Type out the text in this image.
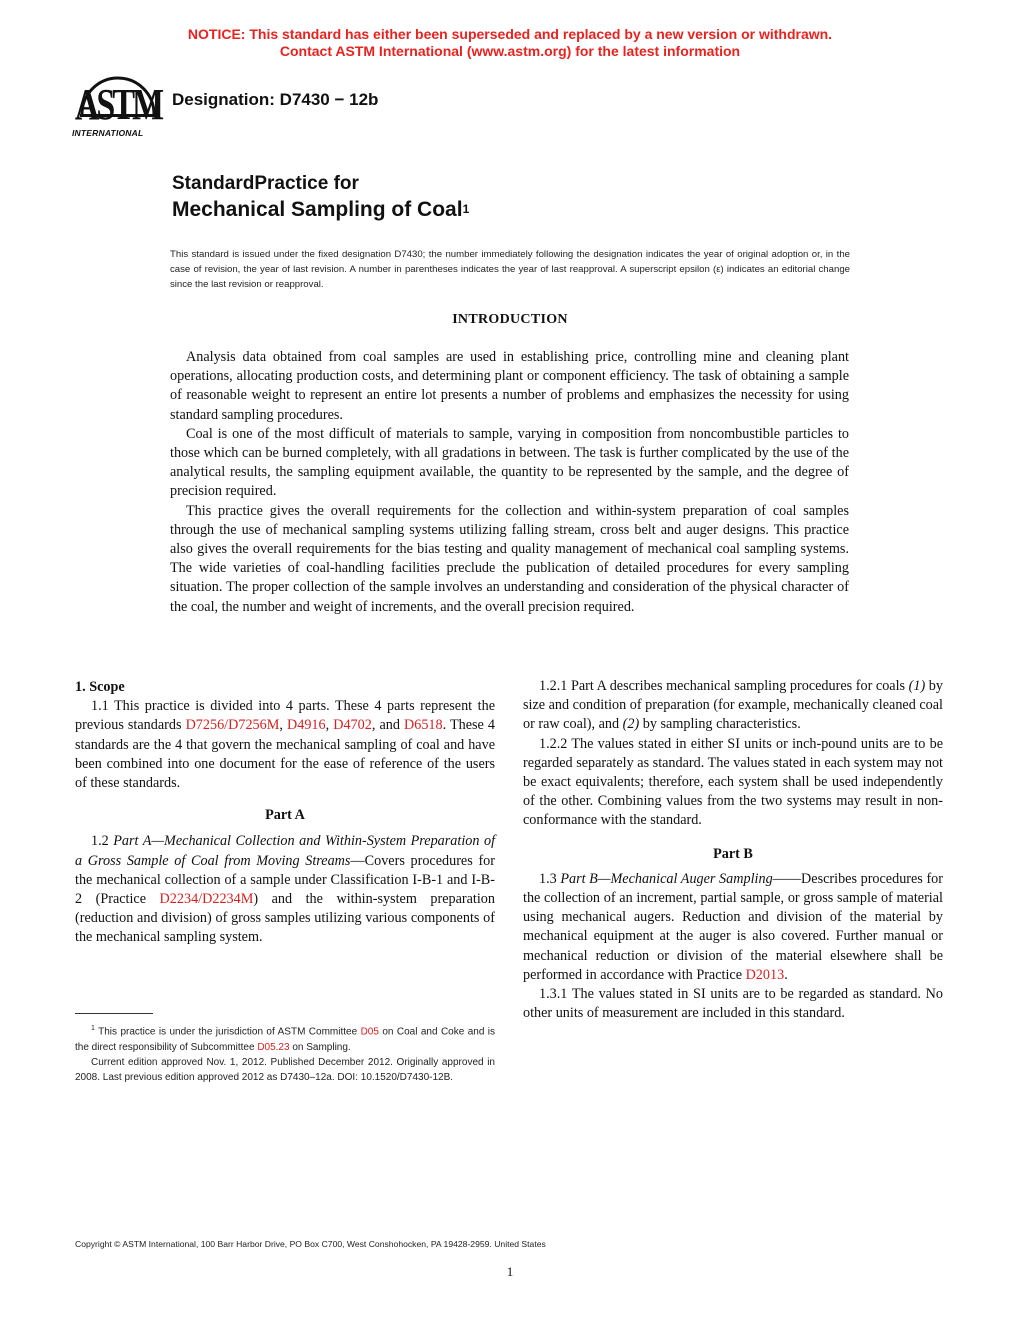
NOTICE: This standard has either been superseded and replaced by a new version or withdrawn.
Contact ASTM International (www.astm.org) for the latest information
ASTM
INTERNATIONAL
Designation: D7430 − 12b
StandardPractice for
Mechanical Sampling of Coal$^1$
This standard is issued under the fixed designation D7430; the number immediately following the designation indicates the year of original adoption or, in the case of revision, the year of last revision. A number in parentheses indicates the year of last reapproval. A superscript epsilon (ε) indicates an editorial change since the last revision or reapproval.
INTRODUCTION

Analysis data obtained from coal samples are used in establishing price, controlling mine and cleaning plant operations, allocating production costs, and determining plant or component efficiency. The task of obtaining a sample of reasonable weight to represent an entire lot presents a number of problems and emphasizes the necessity for using standard sampling procedures.

Coal is one of the most difficult of materials to sample, varying in composition from noncombustible particles to those which can be burned completely, with all gradations in between. The task is further complicated by the use of the analytical results, the sampling equipment available, the quantity to be represented by the sample, and the degree of precision required.

This practice gives the overall requirements for the collection and within-system preparation of coal samples through the use of mechanical sampling systems utilizing falling stream, cross belt and auger designs. This practice also gives the overall requirements for the bias testing and quality management of mechanical coal sampling systems. The wide varieties of coal-handling facilities preclude the publication of detailed procedures for every sampling situation. The proper collection of the sample involves an understanding and consideration of the physical character of the coal, the number and weight of increments, and the overall precision required.

1. Scope

1.1 This practice is divided into 4 parts. These 4 parts represent the previous standards D7256/D7256M, D4916, D4702, and D6518. These 4 standards are the 4 that govern the mechanical sampling of coal and have been combined into one document for the ease of reference of the users of these standards.

Part A

1.2 Part A—Mechanical Collection and Within-System Preparation of a Gross Sample of Coal from Moving Streams—Covers procedures for the mechanical collection of a sample under Classification I-B-1 and I-B-2 (Practice D2234/D2234M) and the within-system preparation (reduction and division) of gross samples utilizing various components of the mechanical sampling system.

1.2.1 Part A describes mechanical sampling procedures for coals (1) by size and condition of preparation (for example, mechanically cleaned coal or raw coal), and (2) by sampling characteristics.

1.2.2 The values stated in either SI units or inch-pound units are to be regarded separately as standard. The values stated in each system may not be exact equivalents; therefore, each system shall be used independently of the other. Combining values from the two systems may result in non-conformance with the standard.

Part B

1.3 Part B—Mechanical Auger Sampling——Describes procedures for the collection of an increment, partial sample, or gross sample of material using mechanical augers. Reduction and division of the material by mechanical equipment at the auger is also covered. Further manual or mechanical reduction or division of the material elsewhere shall be performed in accordance with Practice D2013.

1.3.1 The values stated in SI units are to be regarded as standard. No other units of measurement are included in this standard.

$^1$ This practice is under the jurisdiction of ASTM Committee D05 on Coal and Coke and is the direct responsibility of Subcommittee D05.23 on Sampling.

Current edition approved Nov. 1, 2012. Published December 2012. Originally approved in 2008. Last previous edition approved 2012 as D7430–12a. DOI: 10.1520/D7430-12B.

Copyright © ASTM International, 100 Barr Harbor Drive, PO Box C700, West Conshohocken, PA 19428-2959. United States
1
